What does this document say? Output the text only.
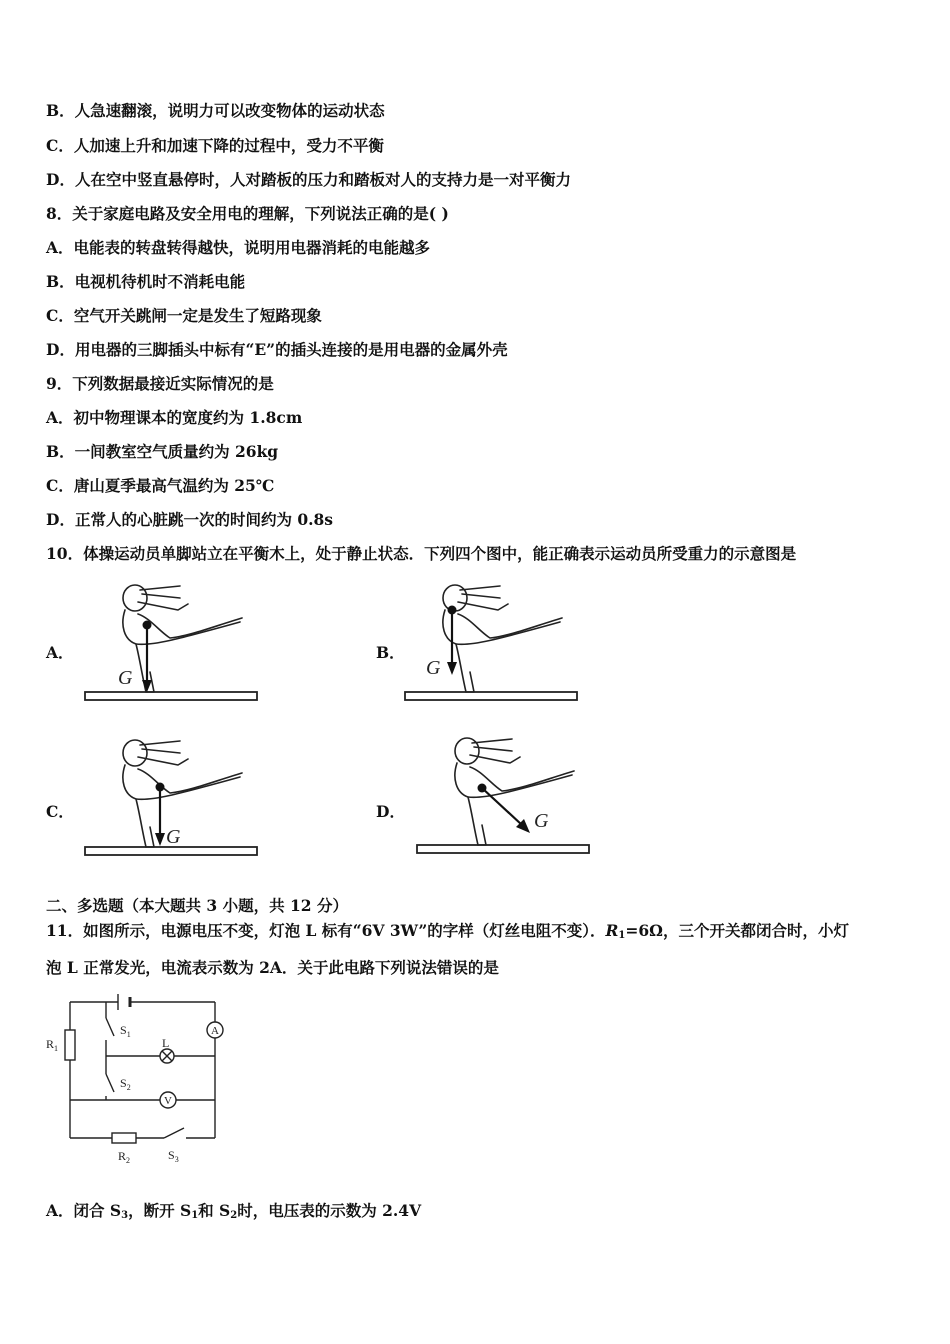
B．人急速翻滚，说明力可以改变物体的运动状态
C．人加速上升和加速下降的过程中，受力不平衡
D．人在空中竖直悬停时，人对踏板的压力和踏板对人的支持力是一对平衡力
8．关于家庭电路及安全用电的理解，下列说法正确的是( )
A．电能表的转盘转得越快，说明用电器消耗的电能越多
B．电视机待机时不消耗电能
C．空气开关跳闸一定是发生了短路现象
D．用电器的三脚插头中标有“E”的插头连接的是用电器的金属外壳
9．下列数据最接近实际情况的是
A．初中物理课本的宽度约为 1.8cm
B．一间教室空气质量约为 26kg
C．唐山夏季最高气温约为 25℃
D．正常人的心脏跳一次的时间约为 0.8s
10．体操运动员单脚站立在平衡木上，处于静止状态．下列四个图中，能正确表示运动员所受重力的示意图是
A．	B．
C．	D．
G	G
G
G
二、多选题（本大题共 3 小题，共 12 分）
11．如图所示，电源电压不变，灯泡 L 标有“6V 3W”的字样（灯丝电阻不变）．$R_1=6\Omega$，三个开关都闭合时，小灯
泡 L 正常发光，电流表示数为 2A．关于此电路下列说法错误的是
A
V
$R_1$
$R_2$
$S_1$
$S_2$
$S_3$
L
A．闭合 $S_3$，断开 $S_1$和 $S_2$时，电压表的示数为 2.4V
